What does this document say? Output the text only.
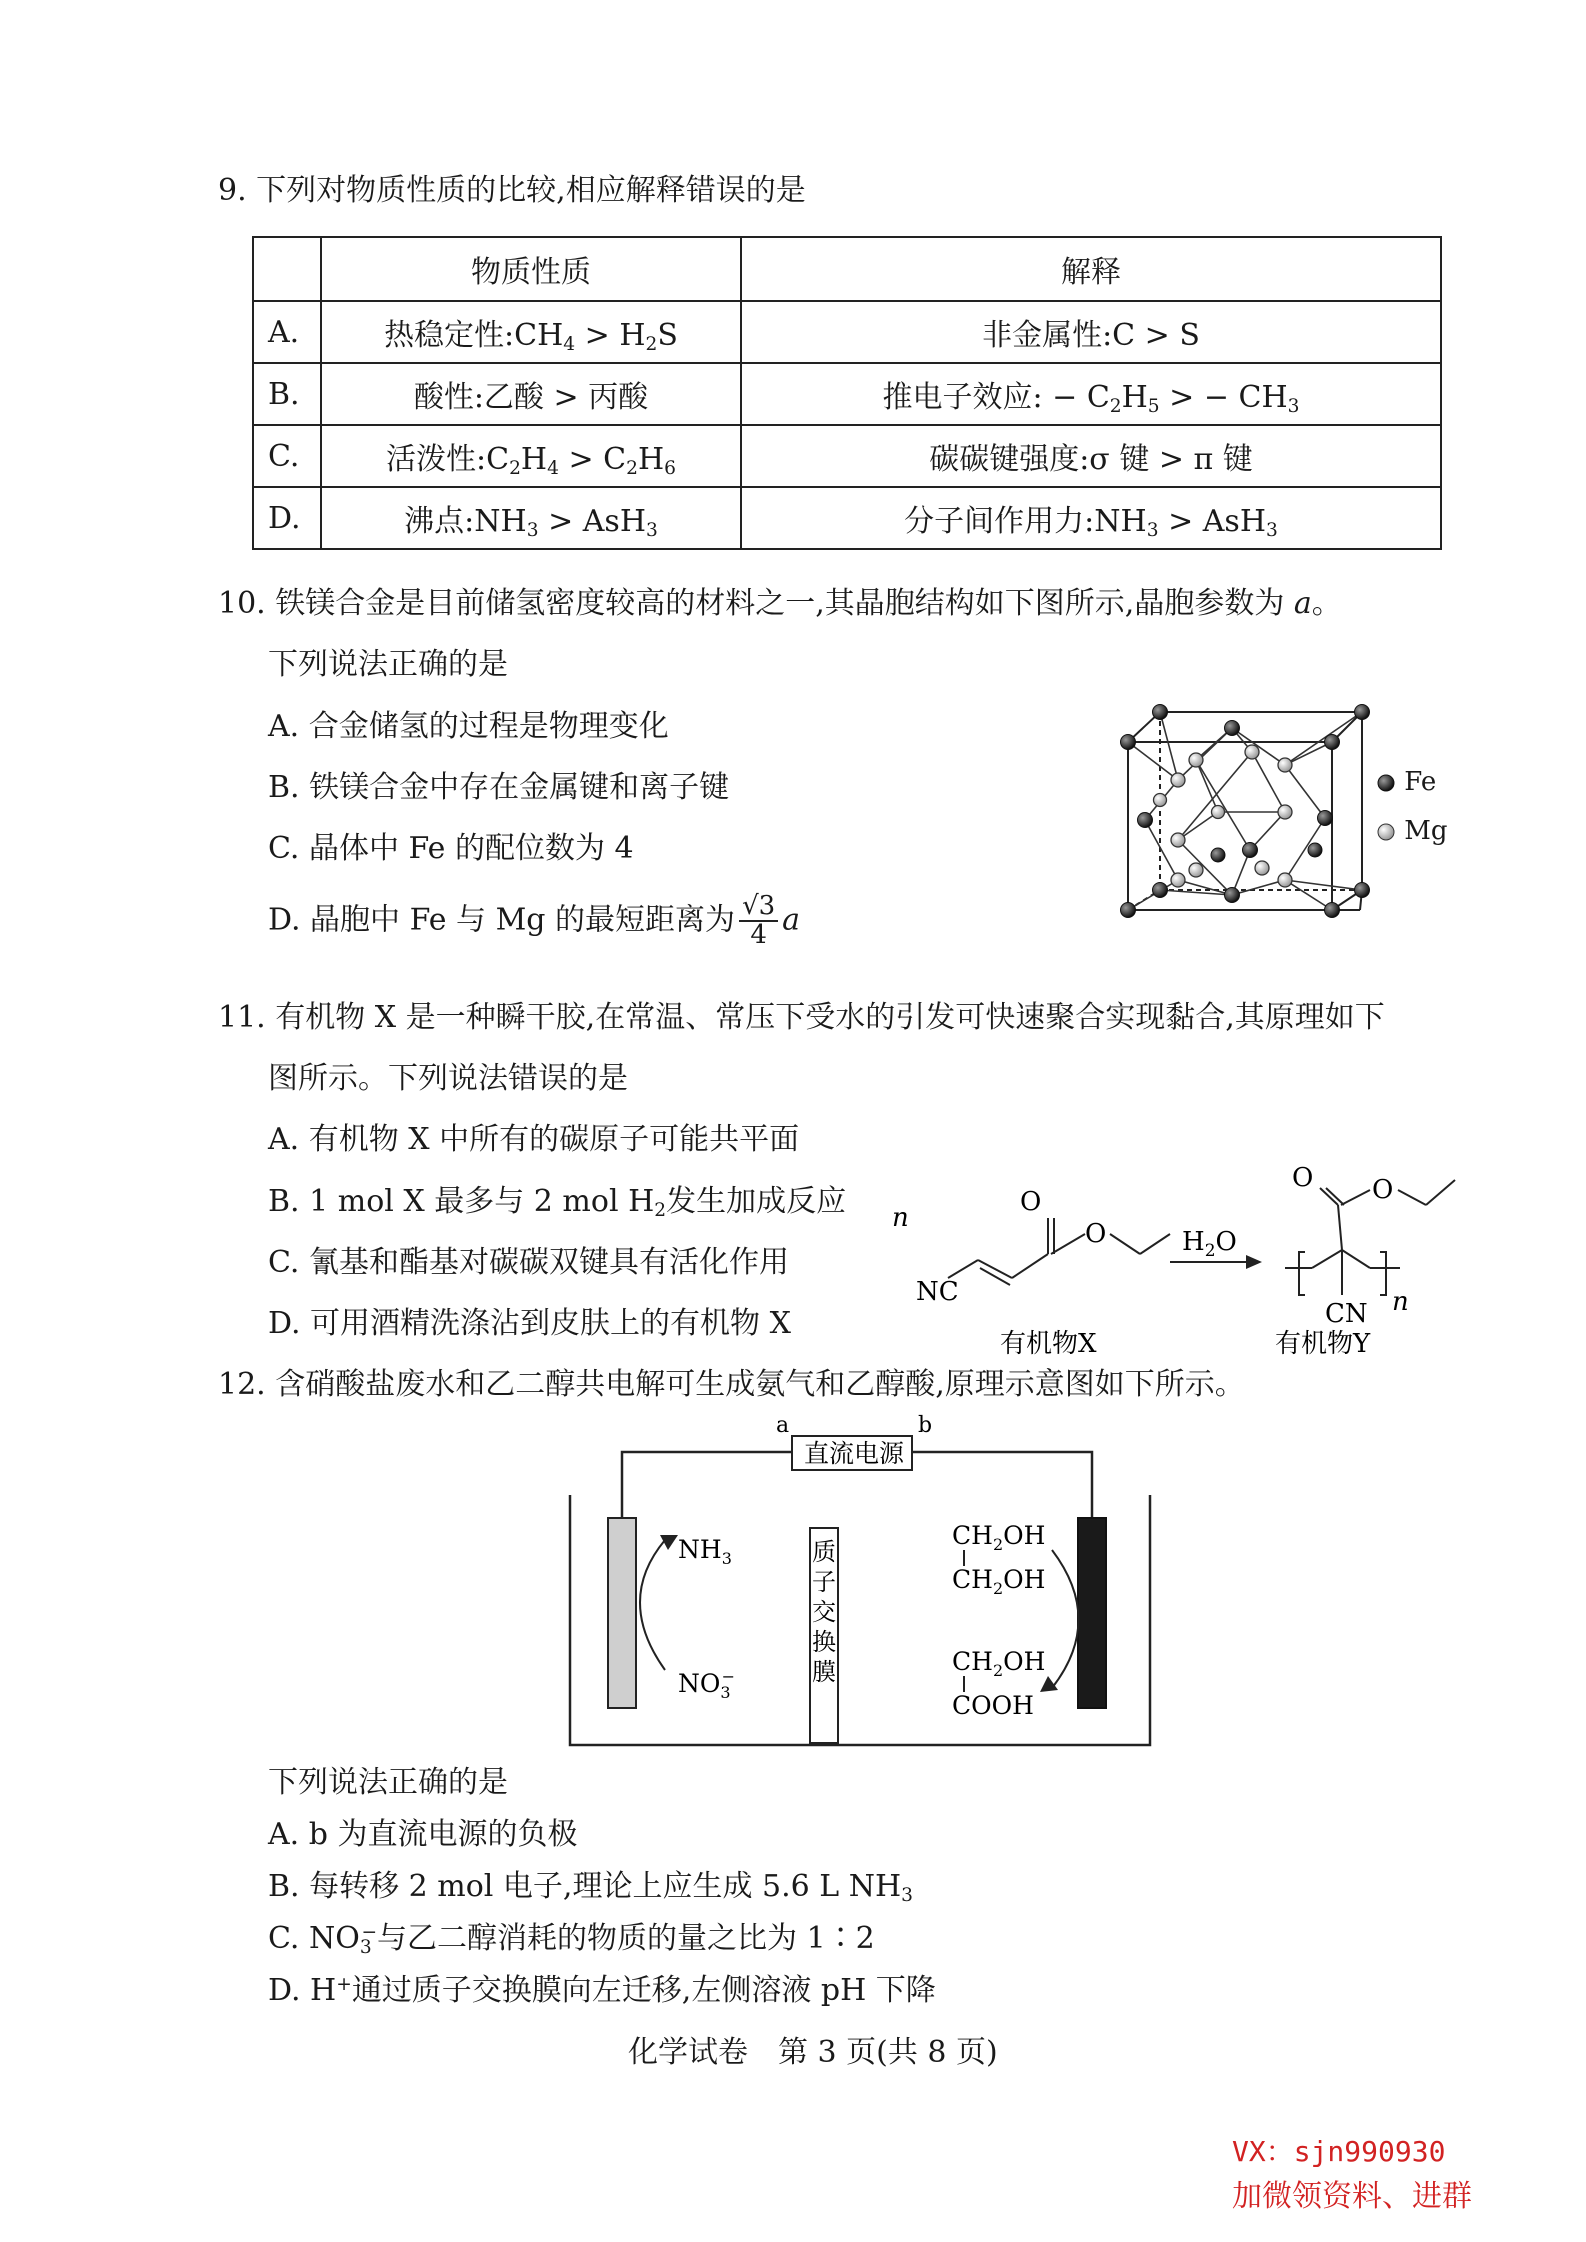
9. 下列对物质性质的比较,相应解释错误的是
	物质性质	解释
A.	热稳定性$:CH_4 > H_2S$	非金属性:C > S
B.	酸性:乙酸 > 丙酸	推电子效应: − $C_2H_5$ > − $CH_3$
C.	活泼性$:C_2H_4 > C_2H_6$	碳碳键强度:σ 键 > π 键
D.	沸点$:NH_3 > AsH_3$	分子间作用力$:NH_3 > AsH_3$
10. 铁镁合金是目前储氢密度较高的材料之一,其晶胞结构如下图所示,晶胞参数为 a。
下列说法正确的是
A. 合金储氢的过程是物理变化
B. 铁镁合金中存在金属键和离子键
C. 晶体中 Fe 的配位数为 4
D. 晶胞中 Fe 与 Mg 的最短距离为 $\frac{√3}{4}$ a
Fe
Mg
11. 有机物 X 是一种瞬干胶,在常温、常压下受水的引发可快速聚合实现黏合,其原理如下
图所示。下列说法错误的是
A. 有机物 X 中所有的碳原子可能共平面
B. 1 mol X 最多与 2 mol $H_2$发生加成反应
C. 氰基和酯基对碳碳双键具有活化作用
D. 可用酒精洗涤沾到皮肤上的有机物 X
n
O
O
NC
$H_2O$
O O
n
CN
有机物X	有机物Y
12. 含硝酸盐废水和乙二醇共电解可生成氨气和乙醇酸,原理示意图如下所示。
直流电源
a	b
质
子
交
换
膜
$NH_3$
$NO_3-$
$CH_2OH$
$CH_2OH$
$CH_2OH$
COOH
下列说法正确的是
A. b 为直流电源的负极
B. 每转移 2 mol 电子,理论上应生成 5.6 L $NH_3$
C. $NO_3^-$与乙二醇消耗的物质的量之比为 1∶2
D. H+通过质子交换膜向左迁移,左侧溶液 pH 下降
化学试卷　第 3 页(共 8 页)
VX：sjn990930
加微领资料、进群
